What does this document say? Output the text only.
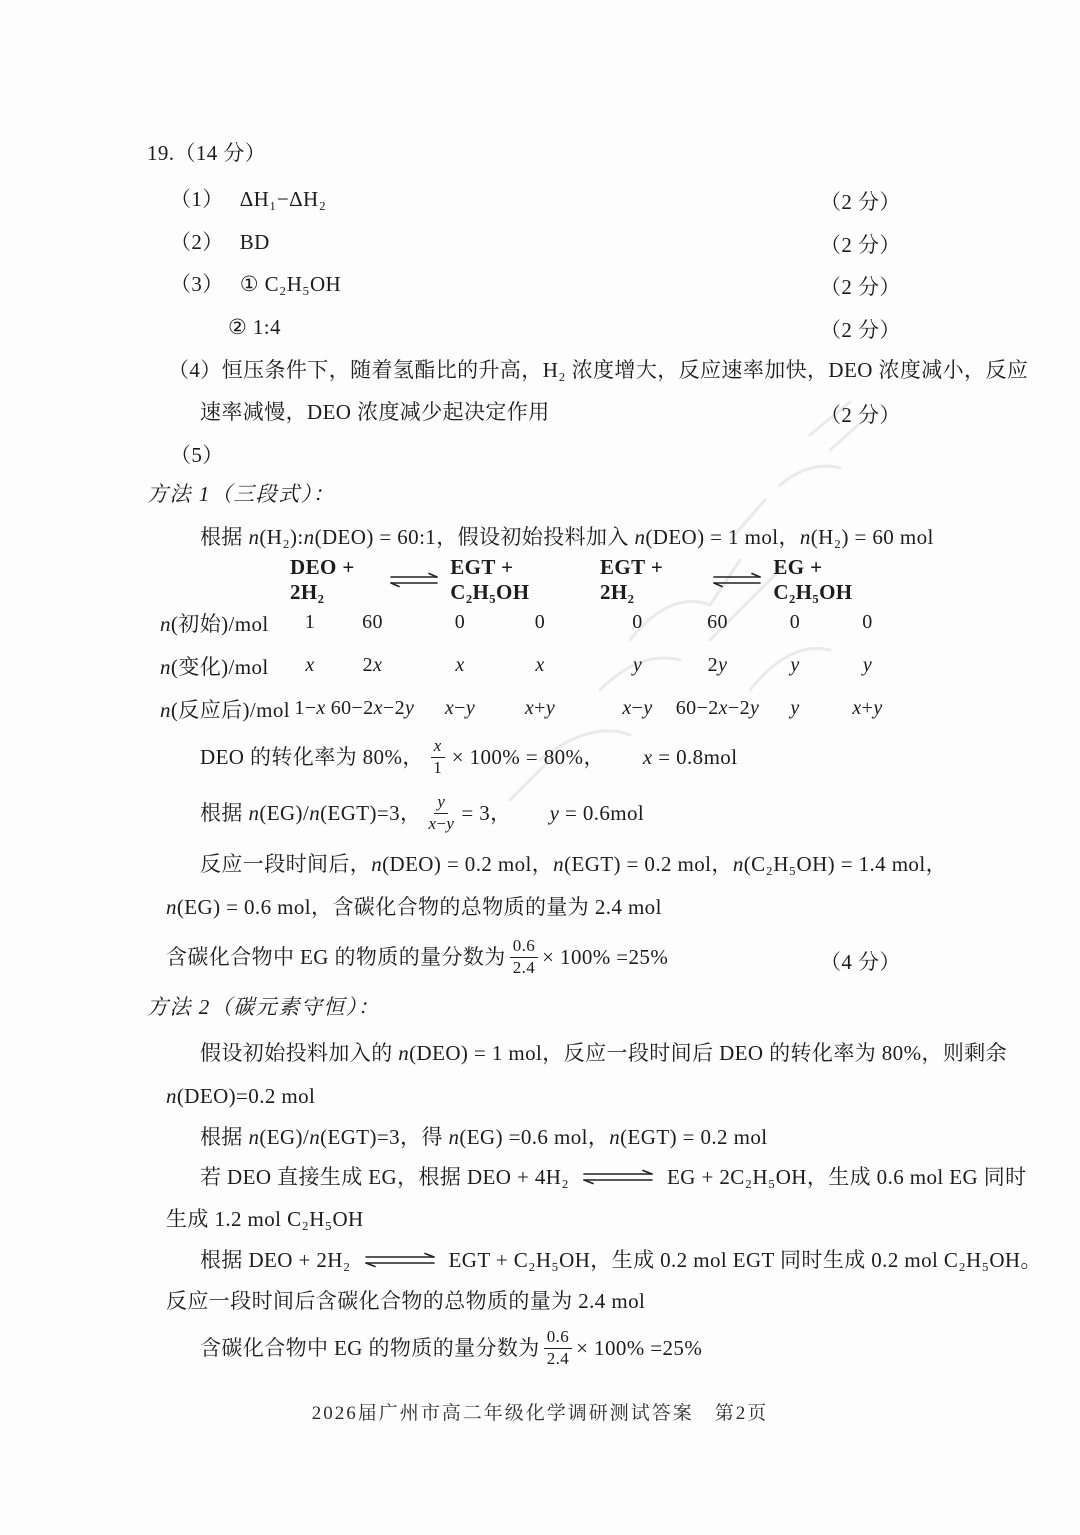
19.（14 分）
（1） ΔH₁−ΔH₂	（2 分）
（2） BD	（2 分）
（3） ① C₂H₅OH	（2 分）
② 1:4	（2 分）
（4）恒压条件下，随着氢酯比的升高，H₂ 浓度增大，反应速率加快，DEO 浓度减小，反应
速率减慢，DEO 浓度减少起决定作用	（2 分）
（5）
方法 1（三段式）：
根据 n(H₂):n(DEO) = 60:1，假设初始投料加入 n(DEO) = 1 mol，n(H₂) = 60 mol
DEO + 2H₂
EGT + C₂H₅OH
EGT + 2H₂
EG + C₂H₅OH
n(初始)/mol	1	60	0	0	0	60	0	0
n(变化)/mol	x	2x	x	x	y	2y	y	y
n(反应后)/mol 1−x 60−2x−2y	x−y	x+y	x−y	60−2x−2y	y	x+y
DEO 的转化率为 80%， $\frac{x}{1} \times 100\% = 80\%$， x = 0.8mol
根据 n(EG)/n(EGT)=3， $\frac{y}{x-y} = 3$， y = 0.6mol
反应一段时间后，n(DEO) = 0.2 mol，n(EGT) = 0.2 mol，n(C₂H₅OH) = 1.4 mol，
n(EG) = 0.6 mol，含碳化合物的总物质的量为 2.4 mol
含碳化合物中 EG 的物质的量分数为 $\frac{0.6}{2.4} \times 100\% =25\%$	（4 分）
方法 2（碳元素守恒）：
假设初始投料加入的 n(DEO) = 1 mol，反应一段时间后 DEO 的转化率为 80%，则剩余
n(DEO)=0.2 mol
根据 n(EG)/n(EGT)=3，得 n(EG) =0.6 mol，n(EGT) = 0.2 mol
若 DEO 直接生成 EG，根据 DEO + 4H₂ ⇌ EG + 2C₂H₅OH，生成 0.6 mol EG 同时
生成 1.2 mol C₂H₅OH
根据 DEO + 2H₂ ⇌ EGT + C₂H₅OH，生成 0.2 mol EGT 同时生成 0.2 mol C₂H₅OH。
反应一段时间后含碳化合物的总物质的量为 2.4 mol
含碳化合物中 EG 的物质的量分数为 $\frac{0.6}{2.4} \times 100\% =25\%$
2026届广州市高二年级化学调研测试答案　第2页
